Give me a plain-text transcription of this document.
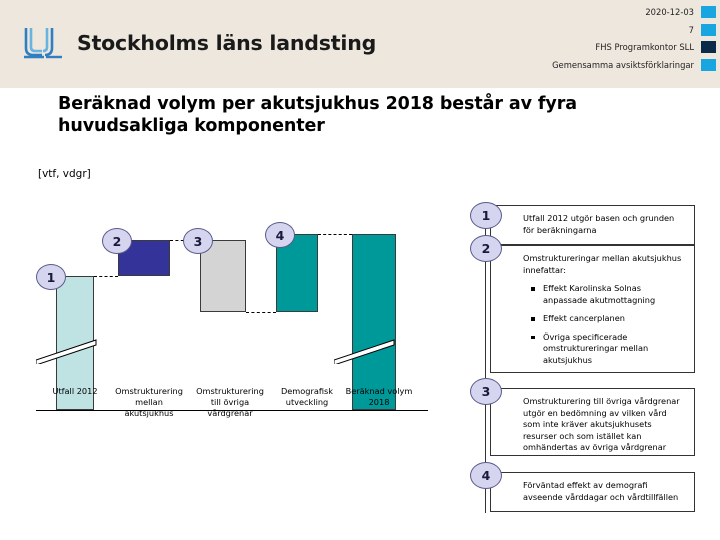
Stockholms läns landsting
2020-12-03
7
FHS Programkontor SLL
Gemensamma avsiktsförklaringar
Beräknad volym per akutsjukhus 2018 består av fyra huvudsakliga komponenter
[vtf, vdgr]
1
2	3	4
Utfall 2012	Omstrukturering mellan akutsjukhus
Omstrukturering till övriga vårdgrenar
Demografisk utveckling
Beräknad volym 2018

Utfall 2012 utgör basen och grunden för beräkningarna

1

Omstruktureringar mellan akutsjukhus innefattar:

Effekt Karolinska Solnas anpassade akutmottagning
Effekt cancerplanen
Övriga specificerade omstruktureringar mellan akutsjukhus
2

Omstrukturering till övriga vårdgrenar utgör en bedömning av vilken vård som inte kräver akutsjukhusets resurser och som istället kan omhändertas av övriga vårdgrenar

3

Förväntad effekt av demografi avseende vårddagar och vårdtillfällen

4
